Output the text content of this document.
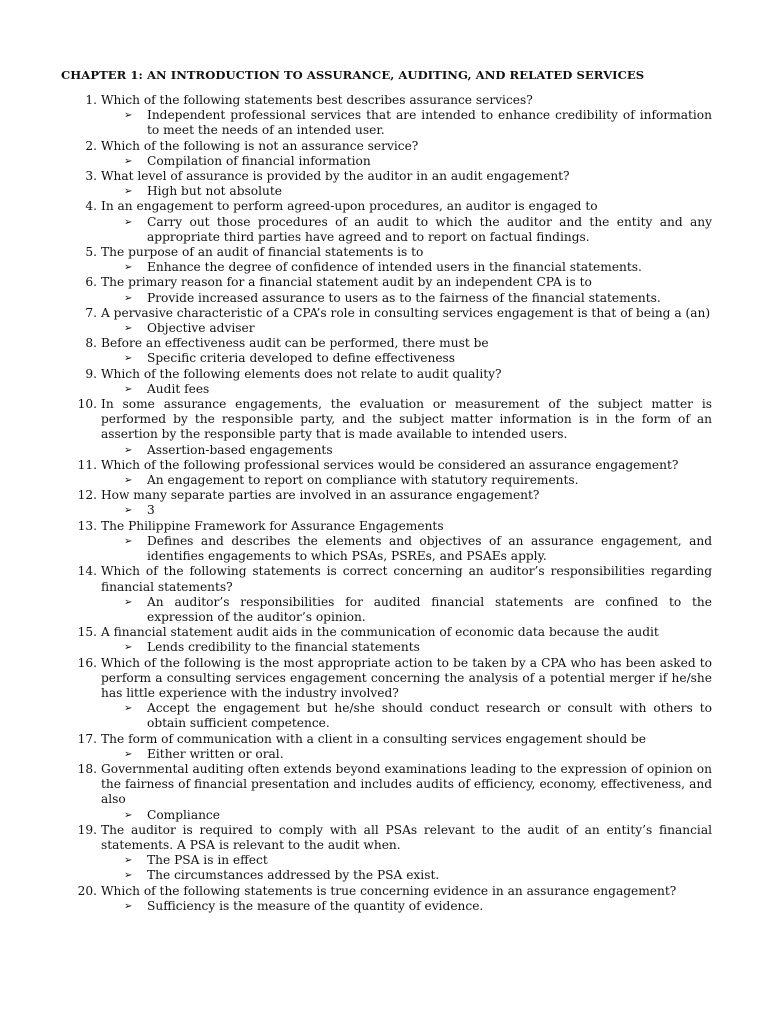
CHAPTER 1: AN INTRODUCTION TO ASSURANCE, AUDITING, AND RELATED SERVICES
1. Which of the following statements best describes assurance services?
➢ Independent professional services that are intended to enhance credibility of information to meet the needs of an intended user.
2. Which of the following is not an assurance service?
➢ Compilation of financial information
3. What level of assurance is provided by the auditor in an audit engagement?
➢ High but not absolute
4. In an engagement to perform agreed-upon procedures, an auditor is engaged to
➢ Carry out those procedures of an audit to which the auditor and the entity and any appropriate third parties have agreed and to report on factual findings.
5. The purpose of an audit of financial statements is to
➢ Enhance the degree of confidence of intended users in the financial statements.
6. The primary reason for a financial statement audit by an independent CPA is to
➢ Provide increased assurance to users as to the fairness of the financial statements.
7. A pervasive characteristic of a CPA’s role in consulting services engagement is that of being a (an)
➢ Objective adviser
8. Before an effectiveness audit can be performed, there must be
➢ Specific criteria developed to define effectiveness
9. Which of the following elements does not relate to audit quality?
➢ Audit fees
10. In some assurance engagements, the evaluation or measurement of the subject matter is performed by the responsible party, and the subject matter information is in the form of an assertion by the responsible party that is made available to intended users.
➢ Assertion-based engagements
11. Which of the following professional services would be considered an assurance engagement?
➢ An engagement to report on compliance with statutory requirements.
12. How many separate parties are involved in an assurance engagement?
➢ 3
13. The Philippine Framework for Assurance Engagements
➢ Defines and describes the elements and objectives of an assurance engagement, and identifies engagements to which PSAs, PSREs, and PSAEs apply.
14. Which of the following statements is correct concerning an auditor’s responsibilities regarding financial statements?
➢ An auditor’s responsibilities for audited financial statements are confined to the expression of the auditor’s opinion.
15. A financial statement audit aids in the communication of economic data because the audit
➢ Lends credibility to the financial statements
16. Which of the following is the most appropriate action to be taken by a CPA who has been asked to perform a consulting services engagement concerning the analysis of a potential merger if he/she has little experience with the industry involved?
➢ Accept the engagement but he/she should conduct research or consult with others to obtain sufficient competence.
17. The form of communication with a client in a consulting services engagement should be
➢ Either written or oral.
18. Governmental auditing often extends beyond examinations leading to the expression of opinion on the fairness of financial presentation and includes audits of efficiency, economy, effectiveness, and also
➢ Compliance
19. The auditor is required to comply with all PSAs relevant to the audit of an entity’s financial statements. A PSA is relevant to the audit when.
➢ The PSA is in effect
➢ The circumstances addressed by the PSA exist.
20. Which of the following statements is true concerning evidence in an assurance engagement?
➢ Sufficiency is the measure of the quantity of evidence.
